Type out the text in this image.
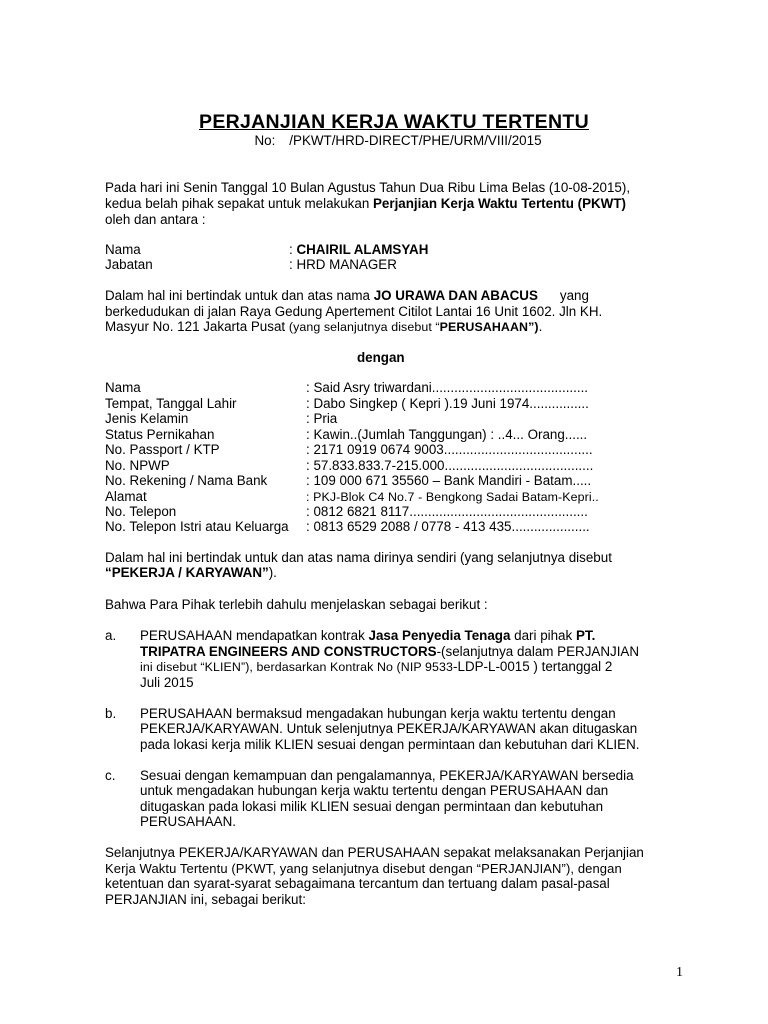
PERJANJIAN KERJA WAKTU TERTENTU
No: /PKWT/HRD-DIRECT/PHE/URM/VIII/2015
Pada hari ini Senin Tanggal 10 Bulan Agustus Tahun Dua Ribu Lima Belas (10-08-2015),
kedua belah pihak sepakat untuk melakukan Perjanjian Kerja Waktu Tertentu (PKWT)
oleh dan antara :
Nama	: CHAIRIL ALAMSYAH
Jabatan	: HRD MANAGER
Dalam hal ini bertindak untuk dan atas nama JO URAWA DAN ABACUS yang
berkedudukan di jalan Raya Gedung Apertement Citilot Lantai 16 Unit 1602. Jln KH.
Masyur No. 121 Jakarta Pusat (yang selanjutnya disebut “PERUSAHAAN”).
dengan
Nama	: Said Asry triwardani..........................................
Tempat, Tanggal Lahir	: Dabo Singkep ( Kepri ).19 Juni 1974................
Jenis Kelamin	: Pria
Status Pernikahan	: Kawin..(Jumlah Tanggungan) : ..4... Orang......
No. Passport / KTP	: 2171 0919 0674 9003........................................
No. NPWP	: 57.833.833.7-215.000........................................
No. Rekening / Nama Bank	: 109 000 671 35560 – Bank Mandiri - Batam.....
Alamat	: PKJ-Blok C4 No.7 - Bengkong Sadai Batam-Kepri..
No. Telepon	: 0812 6821 8117................................................
No. Telepon Istri atau Keluarga : 0813 6529 2088 / 0778 - 413 435.....................
Dalam hal ini bertindak untuk dan atas nama dirinya sendiri (yang selanjutnya disebut
“PEKERJA / KARYAWAN”).
Bahwa Para Pihak terlebih dahulu menjelaskan sebagai berikut :
a. PERUSAHAAN mendapatkan kontrak Jasa Penyedia Tenaga dari pihak PT.
TRIPATRA ENGINEERS AND CONSTRUCTORS-(selanjutnya dalam PERJANJIAN
ini disebut “KLIEN”), berdasarkan Kontrak No (NIP 9533-LDP-L-0015 ) tertanggal 2
Juli 2015
b. PERUSAHAAN bermaksud mengadakan hubungan kerja waktu tertentu dengan
PEKERJA/KARYAWAN. Untuk selenjutnya PEKERJA/KARYAWAN akan ditugaskan
pada lokasi kerja milik KLIEN sesuai dengan permintaan dan kebutuhan dari KLIEN.
c. Sesuai dengan kemampuan dan pengalamannya, PEKERJA/KARYAWAN bersedia
untuk mengadakan hubungan kerja waktu tertentu dengan PERUSAHAAN dan
ditugaskan pada lokasi milik KLIEN sesuai dengan permintaan dan kebutuhan
PERUSAHAAN.
Selanjutnya PEKERJA/KARYAWAN dan PERUSAHAAN sepakat melaksanakan Perjanjian
Kerja Waktu Tertentu (PKWT, yang selanjutnya disebut dengan “PERJANJIAN”), dengan
ketentuan dan syarat-syarat sebagaimana tercantum dan tertuang dalam pasal-pasal
PERJANJIAN ini, sebagai berikut:
1
